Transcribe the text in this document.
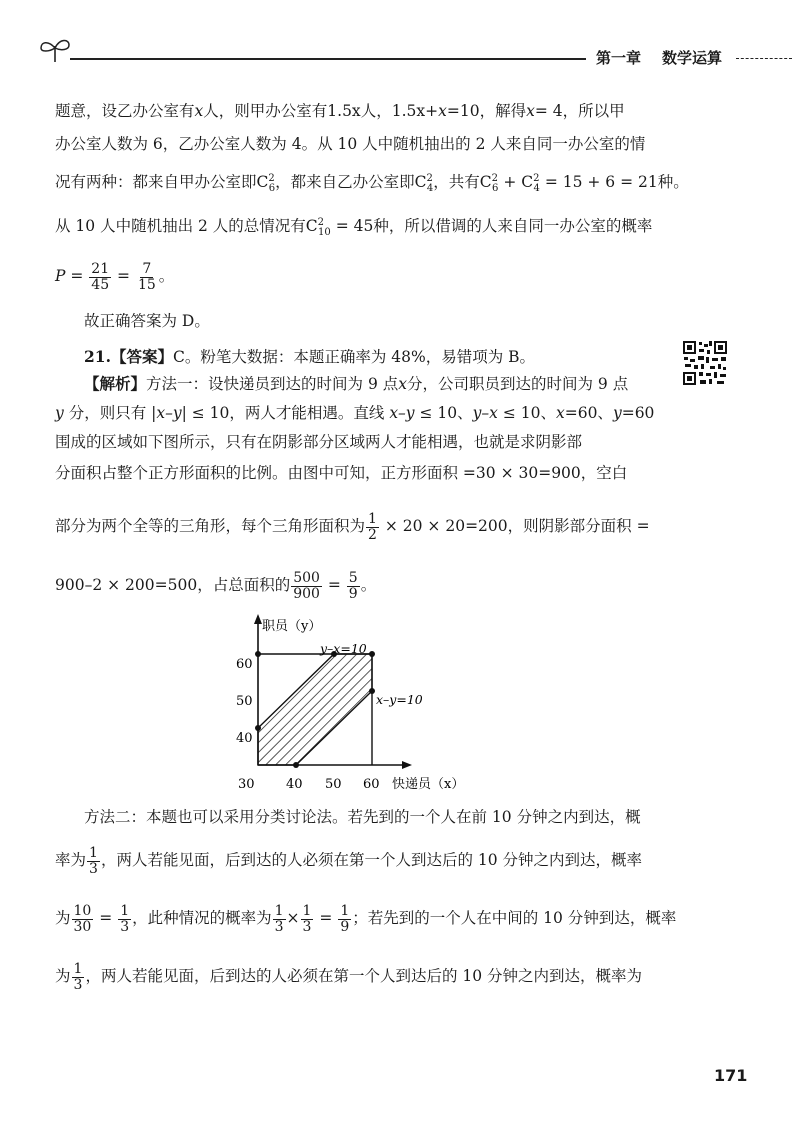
第一章 数学运算
题意，设乙办公室有x人，则甲办公室有1.5x人，1.5x+x=10，解得x= 4，所以甲
办公室人数为 6，乙办公室人数为 4。从 10 人中随机抽出的 2 人来自同一办公室的情
况有两种：都来自甲办公室即$C^2_6$，都来自乙办公室即$C^2_4$，共有$C^2_6 + C^2_4 = 15 + 6 = 21$种。
从 10 人中随机抽出 2 人的总情况有$C^2_{10} = 45$种，所以借调的人来自同一办公室的概率
$P = \frac{21}{45} = \frac{7}{15}$ 。
故正确答案为 D。
21.【答案】C。粉笔大数据：本题正确率为 48%，易错项为 B。
【解析】方法一：设快递员到达的时间为 9 点x分，公司职员到达的时间为 9 点
y 分，则只有 |x–y| ≤ 10，两人才能相遇。直线 x–y ≤ 10、y–x ≤ 10、x=60、y=60
围成的区域如下图所示，只有在阴影部分区域两人才能相遇，也就是求阴影部
分面积占整个正方形面积的比例。由图中可知，正方形面积 =30 × 30=900，空白
部分为两个全等的三角形，每个三角形面积为 $\frac{1}{2} \times 20 \times 20=200$，则阴影部分面积 =
900–2 × 200=500，占总面积的 $\frac{500}{900} = \frac{5}{9}$ 。
职员（y）
快递员（x）
y–x=10
x–y=10
30 40 50 60
40
50
60
方法二：本题也可以采用分类讨论法。若先到的一个人在前 10 分钟之内到达，概
率为 $\frac{1}{3}$ ，两人若能见面，后到达的人必须在第一个人到达后的 10 分钟之内到达，概率
为 $\frac{10}{30} = \frac{1}{3}$ ，此种情况的概率为 $\frac{1}{3} \times \frac{1}{3} = \frac{1}{9}$ ；若先到的一个人在中间的 10 分钟到达，概率
为 $\frac{1}{3}$ ，两人若能见面，后到达的人必须在第一个人到达后的 10 分钟之内到达，概率为
171
